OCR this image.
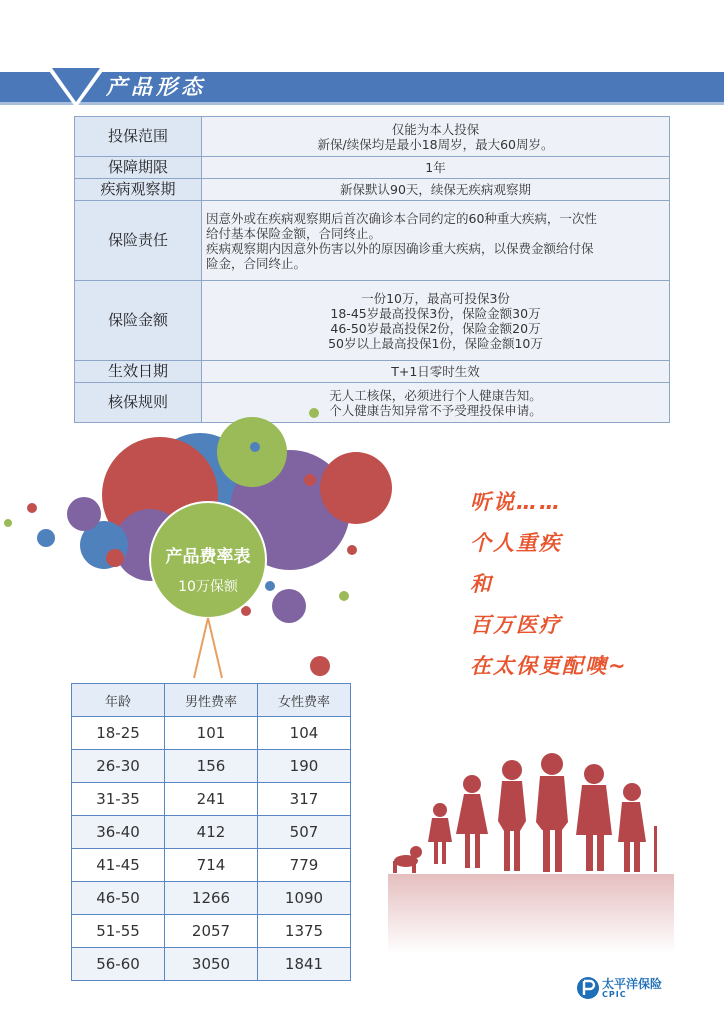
产品形态
投保范围	仅能为本人投保
新保/续保均是最小18周岁，最大60周岁。

保障期限	1年

疾病观察期	新保默认90天，续保无疾病观察期

保险责任	因意外或在疾病观察期后首次确诊本合同约定的60种重大疾病，一次性
给付基本保险金额，合同终止。
疾病观察期内因意外伤害以外的原因确诊重大疾病，以保费金额给付保
险金，合同终止。

保险金额	一份10万，最高可投保3份
18-45岁最高投保3份，保险金额30万
46-50岁最高投保2份，保险金额20万
50岁以上最高投保1份，保险金额10万

生效日期	T+1日零时生效

核保规则	无人工核保，必须进行个人健康告知。
个人健康告知异常不予受理投保申请。
产品费率表
10万保额
听说……
个人重疾
和
百万医疗
在太保更配噢~
年龄	男性费率	女性费率
18-25	101	104
26-30	156	190
31-35	241	317
36-40	412	507
41-45	714	779
46-50	1266	1090
51-55	2057	1375
56-60	3050	1841
太平洋保险
CPIC
